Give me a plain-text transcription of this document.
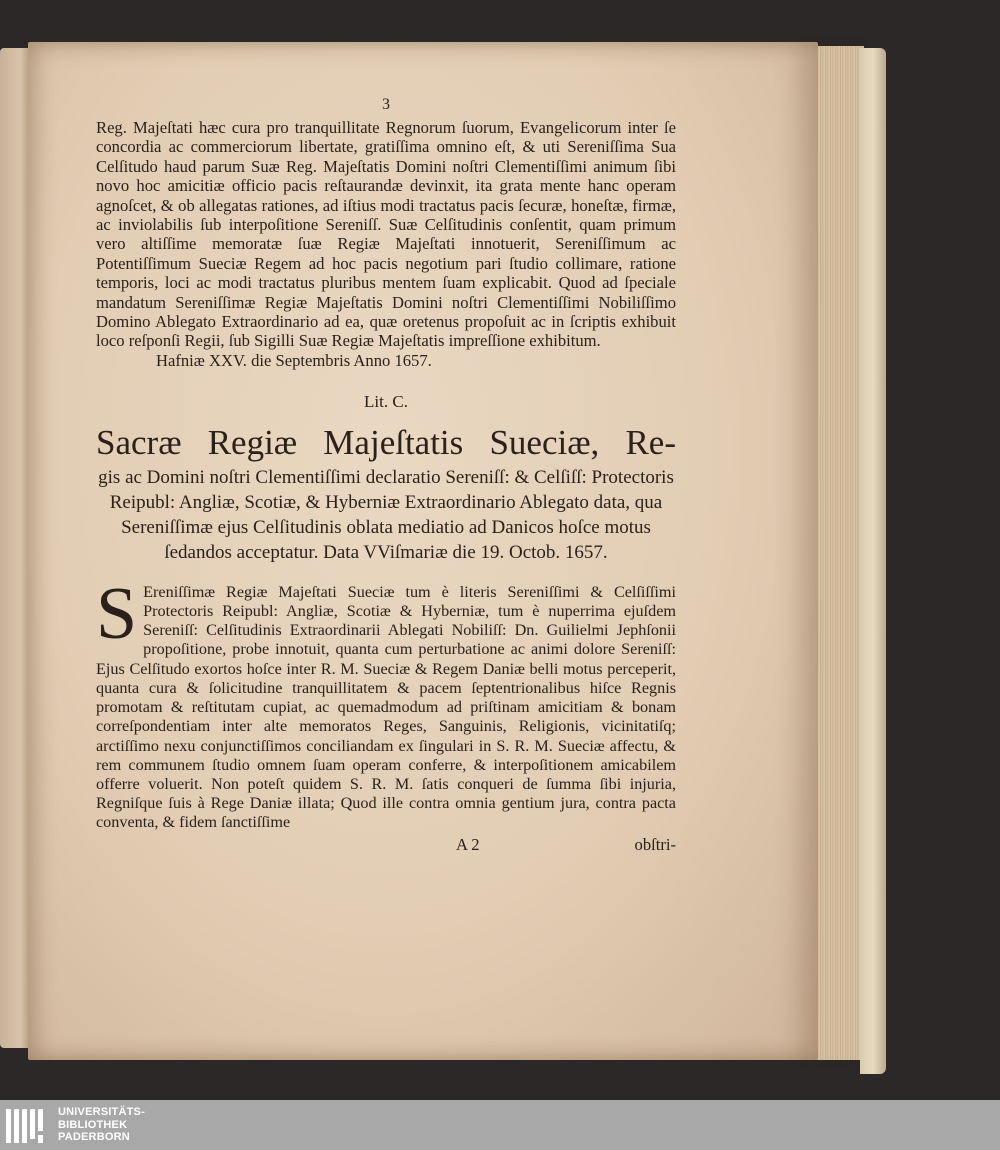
3

Reg. Majeſtati hæc cura pro tranquillitate Regnorum ſuorum, Evangelicorum inter ſe concordia ac commerciorum libertate, gratiſſima omnino eſt, & uti Sereniſſima Sua Celſitudo haud parum Suæ Reg. Majeſtatis Domini noſtri Clementiſſimi animum ſibi novo hoc amicitiæ officio pacis reſtaurandæ devinxit, ita grata mente hanc operam agnoſcet, & ob allegatas rationes, ad iſtius modi tractatus pacis ſecuræ, honeſtæ, firmæ, ac inviolabilis ſub interpoſitione Sereniſſ. Suæ Celſitudinis conſentit, quam primum vero altiſſime memoratæ ſuæ Regiæ Majeſtati innotuerit, Sereniſſimum ac Potentiſſimum Sueciæ Regem ad hoc pacis negotium pari ſtudio collimare, ratione temporis, loci ac modi tractatus pluribus mentem ſuam explicabit. Quod ad ſpeciale mandatum Sereniſſimæ Regiæ Majeſtatis Domini noſtri Clementiſſimi Nobiliſſimo Domino Ablegato Extraordinario ad ea, quæ oretenus propoſuit ac in ſcriptis exhibuit loco reſponſi Regii, ſub Sigilli Suæ Regiæ Majeſtatis impreſſione exhibitum.

Hafniæ XXV. die Septembris Anno 1657.

Lit. C.
Sacræ Regiæ Majeſtatis Sueciæ, Re-
gis ac Domini noſtri Clementiſſimi declaratio Sereniſſ: & Celſiſſ: Protectoris Reipubl: Angliæ, Scotiæ, & Hyberniæ Extraordinario Ablegato data, qua Sereniſſimæ ejus Celſitudinis oblata mediatio ad Danicos hoſce motus ſedandos acceptatur. Data VViſmariæ die 19. Octob. 1657.
S Ereniſſimæ Regiæ Majeſtati Sueciæ tum è literis Sereniſſimi & Celſiſſimi Protectoris Reipubl: Angliæ, Scotiæ & Hyberniæ, tum è nuperrima ejuſdem Sereniſſ: Celſitudinis Extraordinarii Ablegati Nobiliſſ: Dn. Guilielmi Jephſonii propoſitione, probe innotuit, quanta cum perturbatione ac animi dolore Sereniſſ: Ejus Celſitudo exortos hoſce inter R. M. Sueciæ & Regem Daniæ belli motus perceperit, quanta cura & ſolicitudine tranquillitatem & pacem ſeptentrionalibus hiſce Regnis promotam & reſtitutam cupiat, ac quemadmodum ad priſtinam amicitiam & bonam correſpondentiam inter alte memoratos Reges, Sanguinis, Religionis, vicinitatiſq; arctiſſimo nexu conjunctiſſimos conciliandam ex ſingulari in S. R. M. Sueciæ affectu, & rem communem ſtudio omnem ſuam operam conferre, & interpoſitionem amicabilem offerre voluerit. Non poteſt quidem S. R. M. ſatis conqueri de ſumma ſibi injuria, Regniſque ſuis à Rege Daniæ illata; Quod ille contra omnia gentium jura, contra pacta conventa, & fidem ſanctiſſime
A 2	obſtri-
UNIVERSITÄTS-
BIBLIOTHEK
PADERBORN
